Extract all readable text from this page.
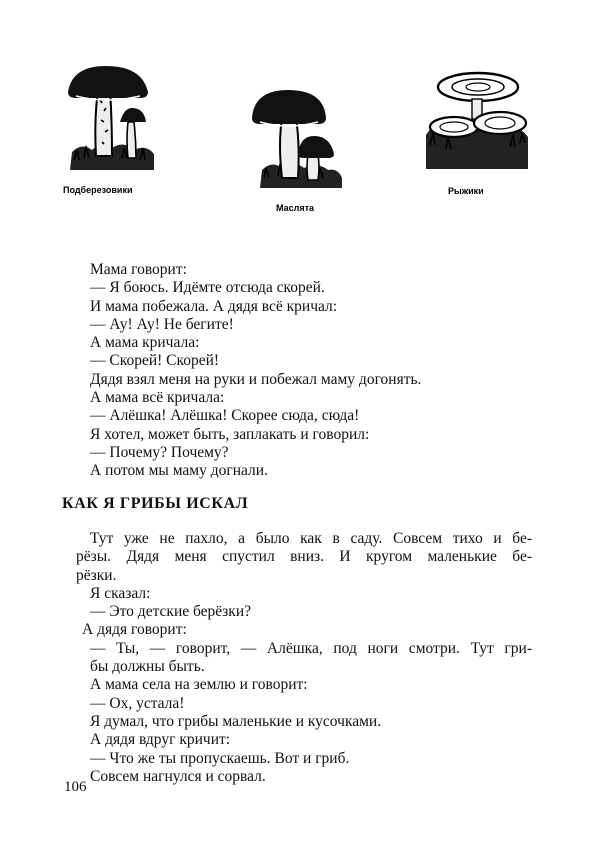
Подберезовики
Маслята
Рыжики
Мама говорит:
— Я боюсь. Идёмте отсюда скорей.
И мама побежала. А дядя всё кричал:
— Ау! Ау! Не бегите!
А мама кричала:
— Скорей! Скорей!
Дядя взял меня на руки и побежал маму догонять.
А мама всё кричала:
— Алёшка! Алёшка! Скорее сюда, сюда!
Я хотел, может быть, заплакать и говорил:
— Почему? Почему?
А потом мы маму догнали.
КАК Я ГРИБЫ ИСКАЛ
Тут уже не пахло, а было как в саду. Совсем тихо и бе-
рёзы. Дядя меня спустил вниз. И кругом маленькие бе-
рёзки.
Я сказал:
— Это детские берёзки?
А дядя говорит:
— Ты, — говорит, — Алёшка, под ноги смотри. Тут гри-
бы должны быть.
А мама села на землю и говорит:
— Ох, устала!
Я думал, что грибы маленькие и кусочками.
А дядя вдруг кричит:
— Что же ты пропускаешь. Вот и гриб.
Совсем нагнулся и сорвал.
106
